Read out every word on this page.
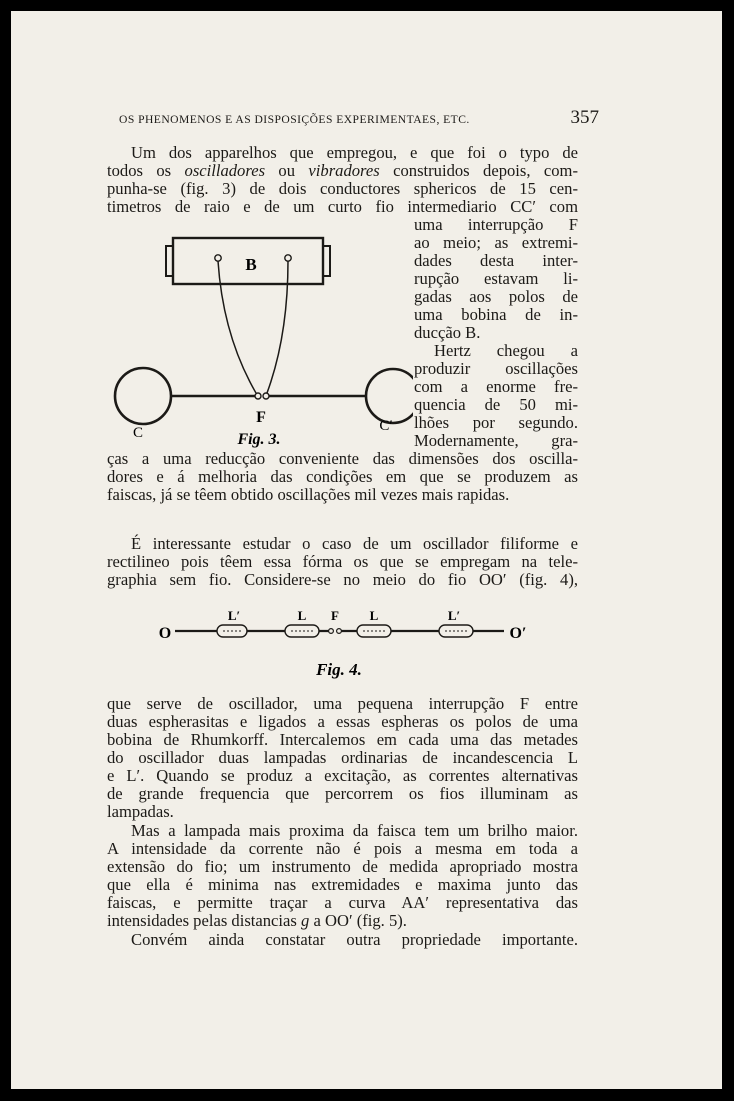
OS PHENOMENOS E AS DISPOSIÇÕES EXPERIMENTAES, ETC.	357
Um dos apparelhos que empregou, e que foi o typo de
todos os oscilladores ou vibradores construidos depois, com-
punha-se (fig. 3) de dois conductores sphericos de 15 cen-
timetros de raio e de um curto fio intermediario CC′ com
uma interrupção F
ao meio; as extremi-
dades desta inter-
rupção estavam li-
gadas aos polos de
uma bobina de in-
ducção B.
Hertz chegou a
produzir oscillações
com a enorme fre-
quencia de 50 mi-
lhões por segundo.
Modernamente, gra-
ças a uma reducção conveniente das dimensões dos oscilla-
dores e á melhoria das condições em que se produzem as
faiscas, já se têem obtido oscillações mil vezes mais rapidas.
B
F
C	C′
Fig. 3.
É interessante estudar o caso de um oscillador filiforme e
rectilineo pois têem essa fórma os que se empregam na tele-
graphia sem fio. Considere-se no meio do fio OO′ (fig. 4),
O	O′
L′	L F L	L′
Fig. 4.
que serve de oscillador, uma pequena interrupção F entre
duas espherasitas e ligados a essas espheras os polos de uma
bobina de Rhumkorff. Intercalemos em cada uma das metades
do oscillador duas lampadas ordinarias de incandescencia L
e L′. Quando se produz a excitação, as correntes alternativas
de grande frequencia que percorrem os fios illuminam as
lampadas.
Mas a lampada mais proxima da faisca tem um brilho maior.
A intensidade da corrente não é pois a mesma em toda a
extensão do fio; um instrumento de medida apropriado mostra
que ella é minima nas extremidades e maxima junto das
faiscas, e permitte traçar a curva AA′ representativa das
intensidades pelas distancias g a OO′ (fig. 5).
Convém ainda constatar outra propriedade importante.
